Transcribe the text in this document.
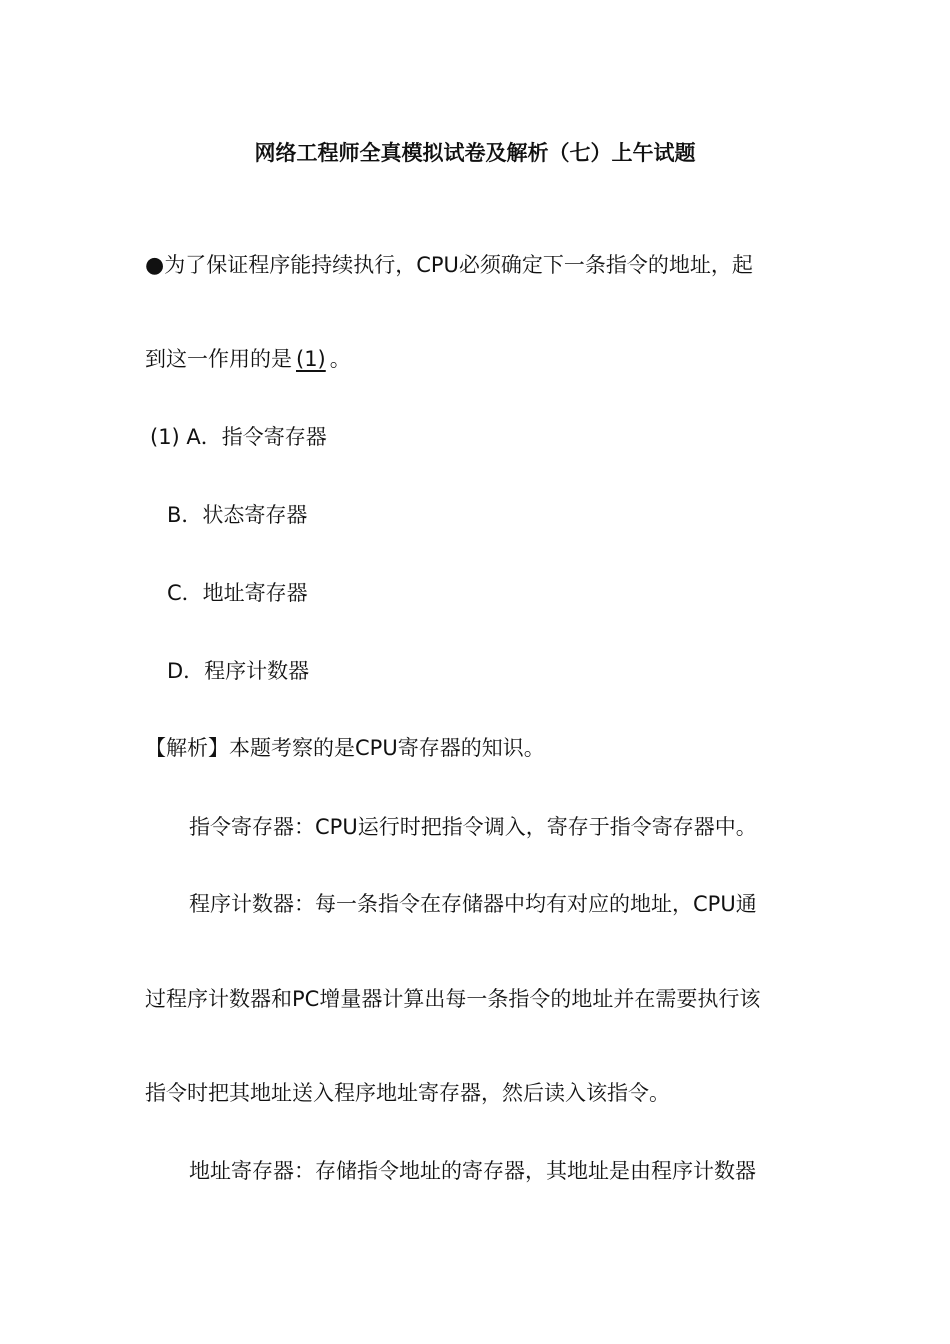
网络工程师全真模拟试卷及解析（七）上午试题
●为了保证程序能持续执行，CPU必须确定下一条指令的地址，起
到这一作用的是 (1) 。
(1) A．指令寄存器
B．状态寄存器
C．地址寄存器
D．程序计数器
【解析】本题考察的是CPU寄存器的知识。
指令寄存器：CPU运行时把指令调入，寄存于指令寄存器中。
程序计数器：每一条指令在存储器中均有对应的地址，CPU通
过程序计数器和PC增量器计算出每一条指令的地址并在需要执行该
指令时把其地址送入程序地址寄存器，然后读入该指令。
地址寄存器：存储指令地址的寄存器，其地址是由程序计数器
